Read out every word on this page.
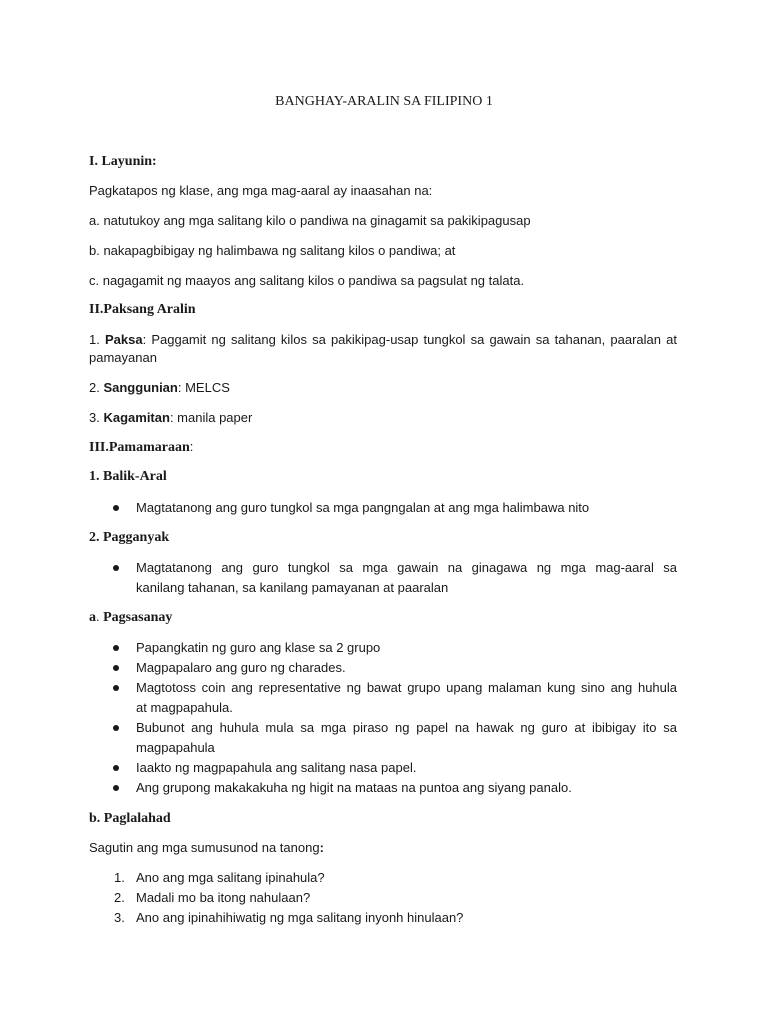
BANGHAY-ARALIN SA FILIPINO 1
I. Layunin:
Pagkatapos ng klase, ang mga mag-aaral ay inaasahan na:
a. natutukoy ang mga salitang kilo o pandiwa na ginagamit sa pakikipagusap
b. nakapagbibigay ng halimbawa ng salitang kilos o pandiwa; at
c. nagagamit ng maayos ang salitang kilos o pandiwa sa pagsulat ng talata.
II.Paksang Aralin
1. Paksa: Paggamit ng salitang kilos sa pakikipag-usap tungkol sa gawain sa tahanan, paaralan at
pamayanan
2. Sanggunian: MELCS
3. Kagamitan: manila paper
III.Pamamaraan:
1. Balik-Aral
Magtatanong ang guro tungkol sa mga pangngalan at ang mga halimbawa nito
2. Pagganyak
Magtatanong ang guro tungkol sa mga gawain na ginagawa ng mga mag-aaral sa
kanilang tahanan, sa kanilang pamayanan at paaralan
a. Pagsasanay
Papangkatin ng guro ang klase sa 2 grupo
Magpapalaro ang guro ng charades.
Magtotoss coin ang representative ng bawat grupo upang malaman kung sino ang huhula
at magpapahula.
Bubunot ang huhula mula sa mga piraso ng papel na hawak ng guro at ibibigay ito sa
magpapahula
Iaakto ng magpapahula ang salitang nasa papel.
Ang grupong makakakuha ng higit na mataas na puntoa ang siyang panalo.
b. Paglalahad
Sagutin ang mga sumusunod na tanong:
1. Ano ang mga salitang ipinahula?
2. Madali mo ba itong nahulaan?
3. Ano ang ipinahihiwatig ng mga salitang inyonh hinulaan?
